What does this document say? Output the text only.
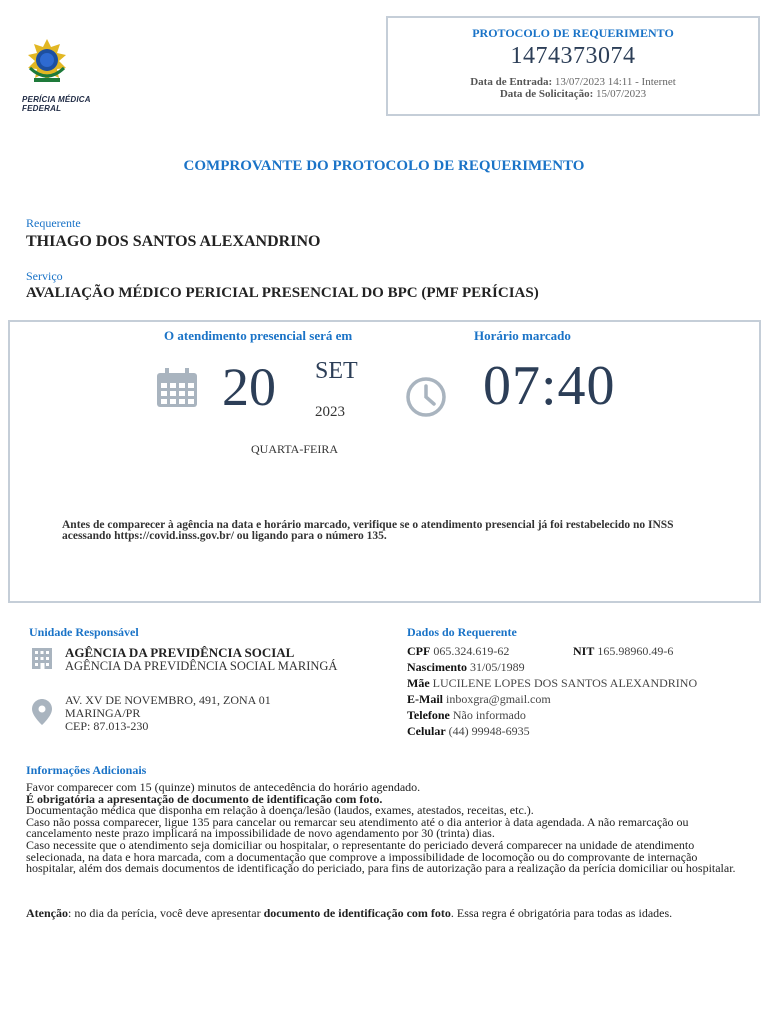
PERÍCIA MÉDICA FEDERAL
PROTOCOLO DE REQUERIMENTO
1474373074
Data de Entrada: 13/07/2023 14:11 - Internet
Data de Solicitação: 15/07/2023
COMPROVANTE DO PROTOCOLO DE REQUERIMENTO
Requerente
THIAGO DOS SANTOS ALEXANDRINO
Serviço
AVALIAÇÃO MÉDICO PERICIAL PRESENCIAL DO BPC (PMF PERÍCIAS)
O atendimento presencial será em	Horário marcado
20 SET
2023
QUARTA-FEIRA
07:40
Antes de comparecer à agência na data e horário marcado, verifique se o atendimento presencial já foi restabelecido no INSS acessando https://covid.inss.gov.br/ ou ligando para o número 135.
Unidade Responsável
AGÊNCIA DA PREVIDÊNCIA SOCIAL
AGÊNCIA DA PREVIDÊNCIA SOCIAL MARINGÁ
AV. XV DE NOVEMBRO, 491, ZONA 01
MARINGA/PR
CEP: 87.013-230
Dados do Requerente
CPF 065.324.619-62	NIT 165.98960.49-6
Nascimento 31/05/1989
Mãe LUCILENE LOPES DOS SANTOS ALEXANDRINO
E-Mail inboxgra@gmail.com
Telefone Não informado
Celular (44) 99948-6935
Informações Adicionais
Favor comparecer com 15 (quinze) minutos de antecedência do horário agendado.
É obrigatória a apresentação de documento de identificação com foto.
Documentação médica que disponha em relação à doença/lesão (laudos, exames, atestados, receitas, etc.).
Caso não possa comparecer, ligue 135 para cancelar ou remarcar seu atendimento até o dia anterior à data agendada. A não remarcação ou cancelamento neste prazo implicará na impossibilidade de novo agendamento por 30 (trinta) dias.
Caso necessite que o atendimento seja domiciliar ou hospitalar, o representante do periciado deverá comparecer na unidade de atendimento selecionada, na data e hora marcada, com a documentação que comprove a impossibilidade de locomoção ou do comprovante de internação hospitalar, além dos demais documentos de identificação do periciado, para fins de autorização para a realização da perícia domiciliar ou hospitalar.
Atenção: no dia da perícia, você deve apresentar documento de identificação com foto. Essa regra é obrigatória para todas as idades.
